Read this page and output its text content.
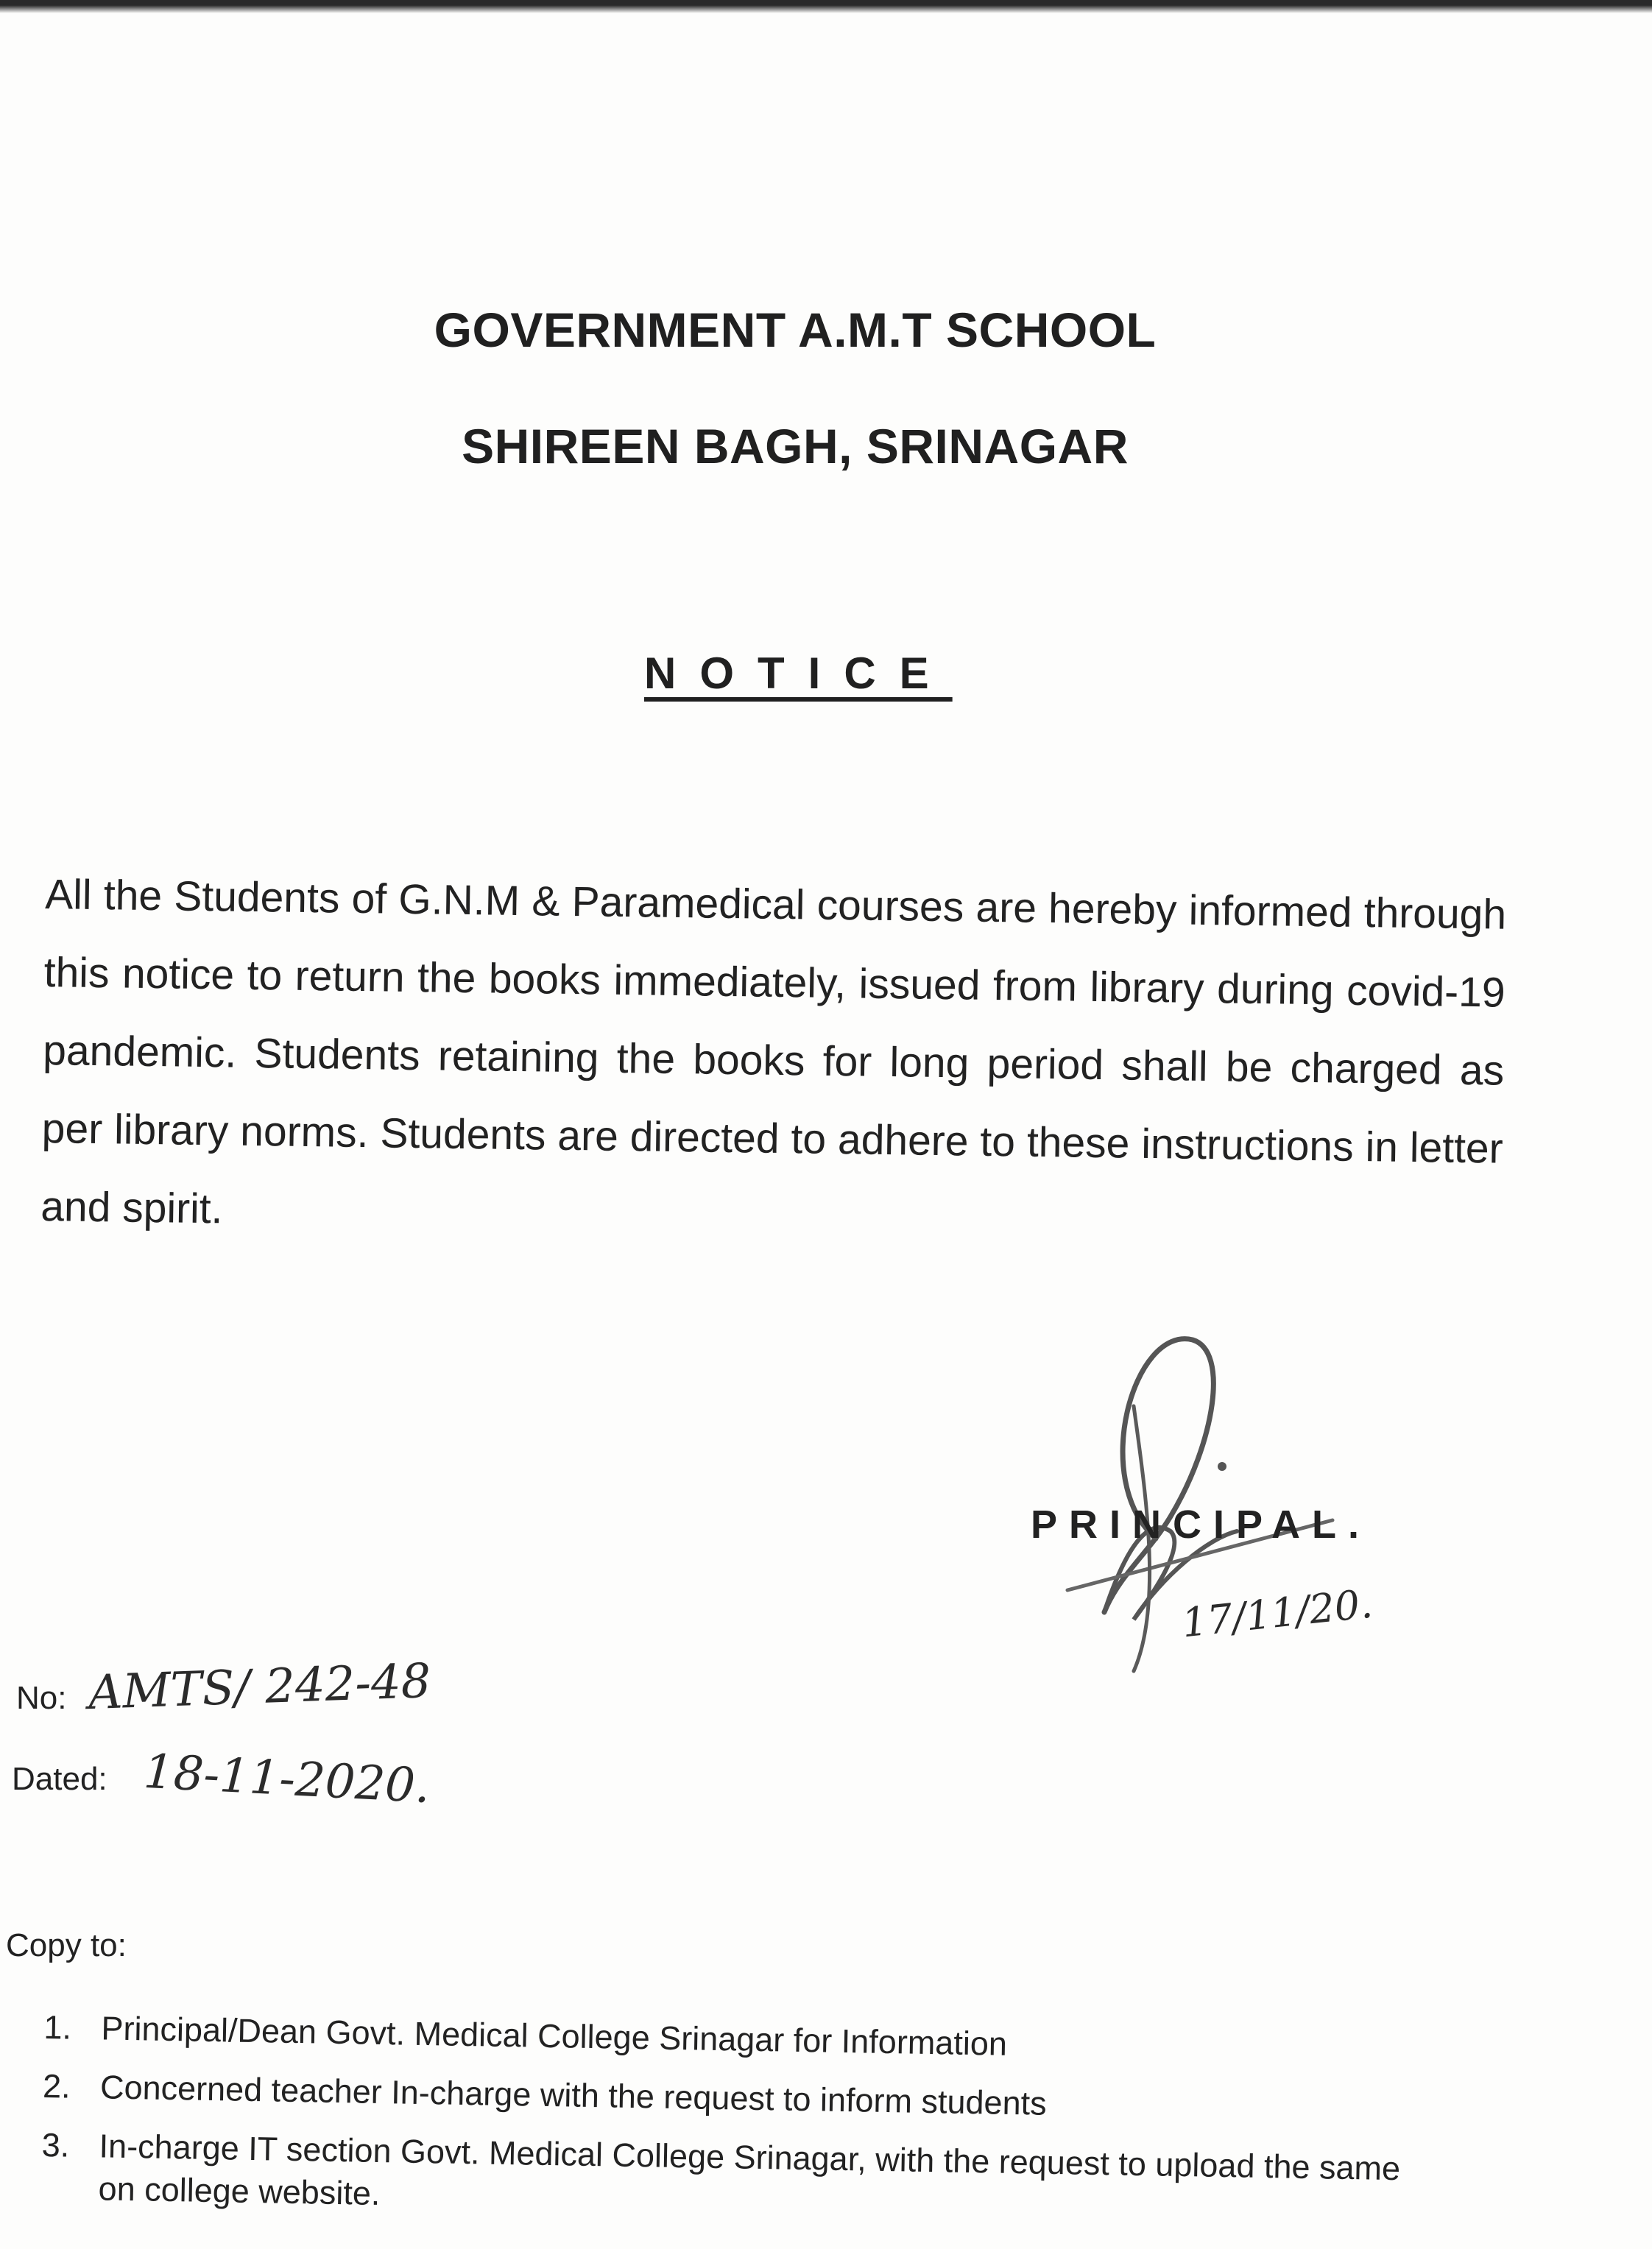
GOVERNMENT A.M.T SCHOOL
SHIREEN BAGH, SRINAGAR
NOTICE

All the Students of G.N.M & Paramedical courses are hereby informed through this notice to return the books immediately, issued from library during covid-19 pandemic. Students retaining the books for long period shall be charged as per library norms. Students are directed to adhere to these instructions in letter and spirit.

PRINCIPAL.
17/11/20.
No: AMTS/ 242-48
Dated: 18-11-2020.
Copy to:
1. Principal/Dean Govt. Medical College Srinagar for Information
2. Concerned teacher In-charge with the request to inform students
3. In-charge IT section Govt. Medical College Srinagar, with the request to upload the same on college website.
